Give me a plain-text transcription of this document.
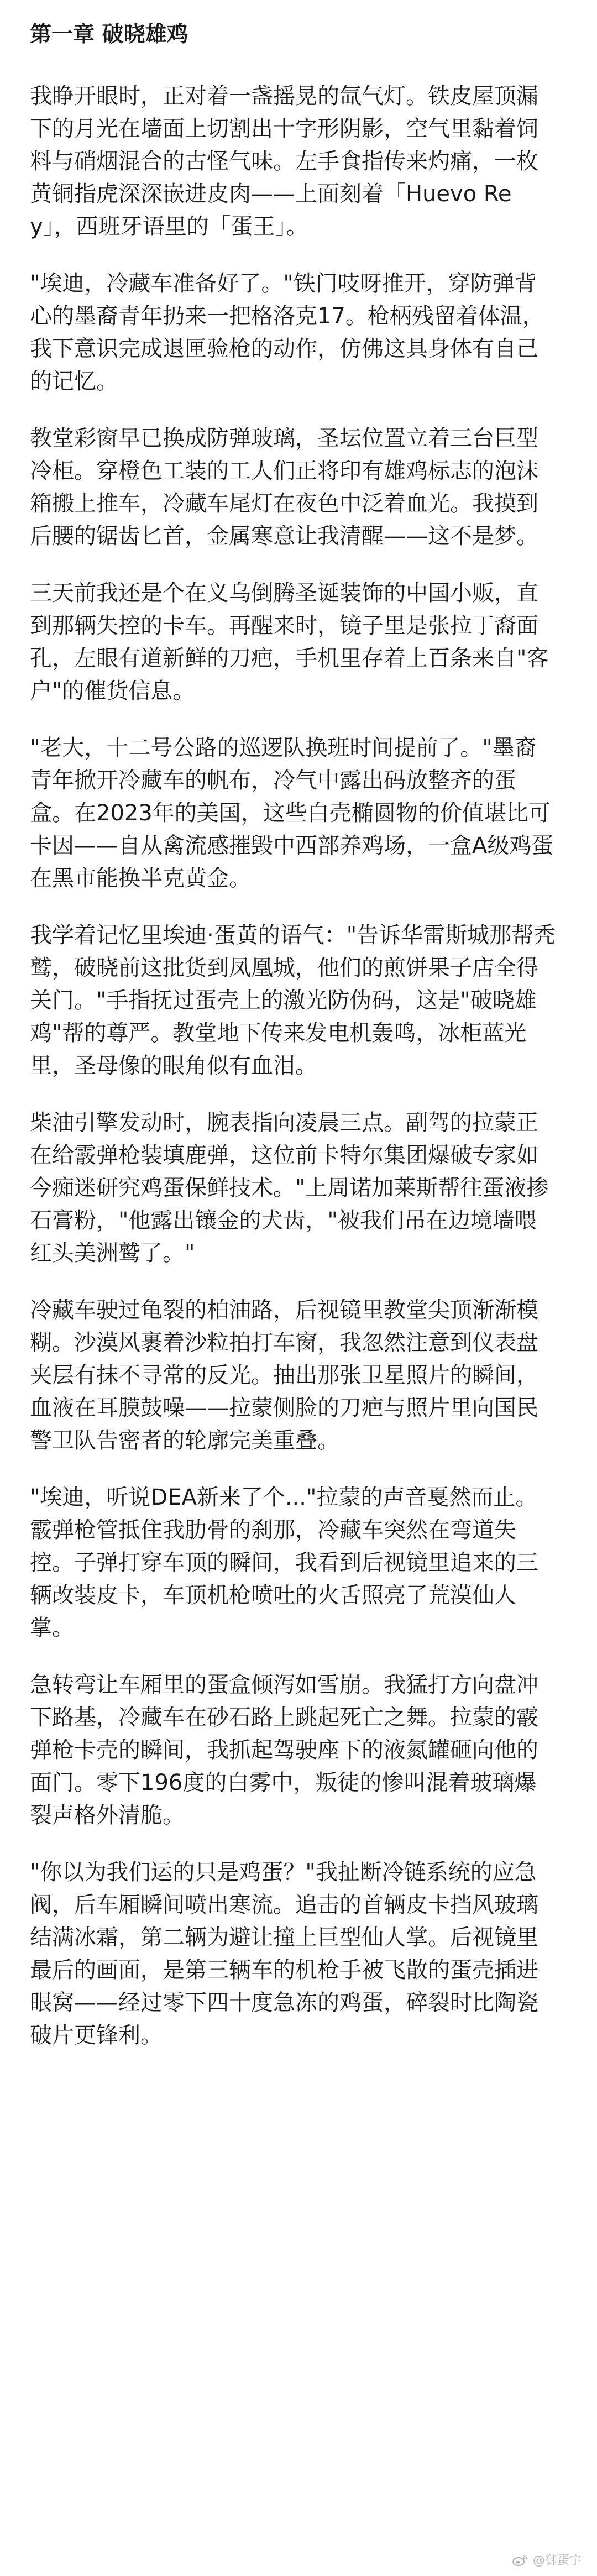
第一章 破晓雄鸡

我睁开眼时，正对着一盏摇晃的氙气灯。铁皮屋顶漏下的月光在墙面上切割出十字形阴影，空气里黏着饲料与硝烟混合的古怪气味。左手食指传来灼痛，一枚黄铜指虎深深嵌进皮肉——上面刻着「Huevo Rey」，西班牙语里的「蛋王」。

"埃迪，冷藏车准备好了。"铁门吱呀推开，穿防弹背心的墨裔青年扔来一把格洛克17。枪柄残留着体温，我下意识完成退匣验枪的动作，仿佛这具身体有自己的记忆。

教堂彩窗早已换成防弹玻璃，圣坛位置立着三台巨型冷柜。穿橙色工装的工人们正将印有雄鸡标志的泡沫箱搬上推车，冷藏车尾灯在夜色中泛着血光。我摸到后腰的锯齿匕首，金属寒意让我清醒——这不是梦。

三天前我还是个在义乌倒腾圣诞装饰的中国小贩，直到那辆失控的卡车。再醒来时，镜子里是张拉丁裔面孔，左眼有道新鲜的刀疤，手机里存着上百条来自"客户"的催货信息。

"老大，十二号公路的巡逻队换班时间提前了。"墨裔青年掀开冷藏车的帆布，冷气中露出码放整齐的蛋盒。在2023年的美国，这些白壳椭圆物的价值堪比可卡因——自从禽流感摧毁中西部养鸡场，一盒A级鸡蛋在黑市能换半克黄金。

我学着记忆里埃迪·蛋黄的语气："告诉华雷斯城那帮秃鹫，破晓前这批货到凤凰城，他们的煎饼果子店全得关门。"手指抚过蛋壳上的激光防伪码，这是"破晓雄鸡"帮的尊严。教堂地下传来发电机轰鸣，冰柜蓝光里，圣母像的眼角似有血泪。

柴油引擎发动时，腕表指向凌晨三点。副驾的拉蒙正在给霰弹枪装填鹿弹，这位前卡特尔集团爆破专家如今痴迷研究鸡蛋保鲜技术。"上周诺加莱斯帮往蛋液掺石膏粉，"他露出镶金的犬齿，"被我们吊在边境墙喂红头美洲鹫了。"

冷藏车驶过龟裂的柏油路，后视镜里教堂尖顶渐渐模糊。沙漠风裹着沙粒拍打车窗，我忽然注意到仪表盘夹层有抹不寻常的反光。抽出那张卫星照片的瞬间，血液在耳膜鼓噪——拉蒙侧脸的刀疤与照片里向国民警卫队告密者的轮廓完美重叠。

"埃迪，听说DEA新来了个..."拉蒙的声音戛然而止。霰弹枪管抵住我肋骨的刹那，冷藏车突然在弯道失控。子弹打穿车顶的瞬间，我看到后视镜里追来的三辆改装皮卡，车顶机枪喷吐的火舌照亮了荒漠仙人掌。

急转弯让车厢里的蛋盒倾泻如雪崩。我猛打方向盘冲下路基，冷藏车在砂石路上跳起死亡之舞。拉蒙的霰弹枪卡壳的瞬间，我抓起驾驶座下的液氮罐砸向他的面门。零下196度的白雾中，叛徒的惨叫混着玻璃爆裂声格外清脆。

"你以为我们运的只是鸡蛋？"我扯断冷链系统的应急阀，后车厢瞬间喷出寒流。追击的首辆皮卡挡风玻璃结满冰霜，第二辆为避让撞上巨型仙人掌。后视镜里最后的画面，是第三辆车的机枪手被飞散的蛋壳插进眼窝——经过零下四十度急冻的鸡蛋，碎裂时比陶瓷破片更锋利。

@御蛋宇
